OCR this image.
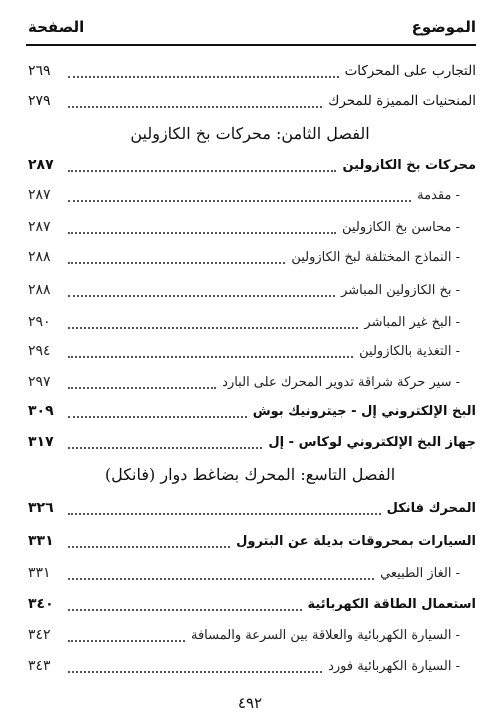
الموضوع
الصفحة
التجارب على المحركات
٢٦٩
المنحنيات المميزة للمحرك
٢٧٩
الفصل الثامن: محركات بخ الكازولين
محركات بخ الكازولين
٢٨٧
- مقدمة
٢٨٧
- محاسن بخ الكازولين
٢٨٧
- النماذج المختلفة لبخ الكازولين
٢٨٨
- بخ الكازولين المباشر
٢٨٨
- البخ غير المباشر
٢٩٠
- التغذية بالكازولين
٢٩٤
- سير حركة شراقة تدوير المحرك على البارد
٢٩٧
البخ الإلكتروني إل - جيترونيك بوش
٣٠٩
جهاز البخ الإلكتروني لوكاس - إل
٣١٧
الفصل التاسع: المحرك بضاغط دوار (فانكل)
المحرك فانكل
٣٢٦
السيارات بمحروقات بديلة عن البترول
٣٣١
- الغاز الطبيعي
٣٣١
استعمال الطاقة الكهربائية
٣٤٠
- السيارة الكهربائية والعلاقة بين السرعة والمسافة
٣٤٢
- السيارة الكهربائية فورد
٣٤٣
٤٩٢
